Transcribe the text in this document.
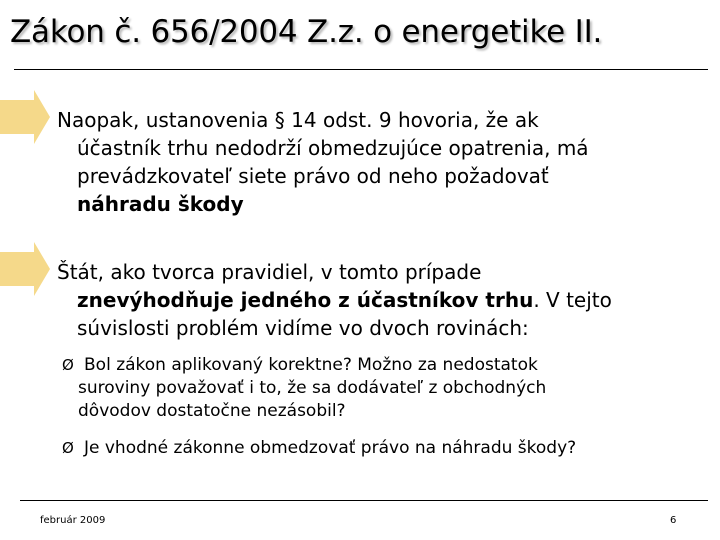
Zákon č. 656/2004 Z.z. o energetike II.
Naopak, ustanovenia § 14 odst. 9 hovoria, že ak
účastník trhu nedodrží obmedzujúce opatrenia, má
prevádzkovateľ siete právo od neho požadovať
náhradu škody
Štát, ako tvorca pravidiel, v tomto prípade
znevýhodňuje jedného z účastníkov trhu. V tejto
súvislosti problém vidíme vo dvoch rovinách:
Ø Bol zákon aplikovaný korektne? Možno za nedostatok
suroviny považovať i to, že sa dodávateľ z obchodných
dôvodov dostatočne nezásobil?
Ø Je vhodné zákonne obmedzovať právo na náhradu škody?
február 2009	6
